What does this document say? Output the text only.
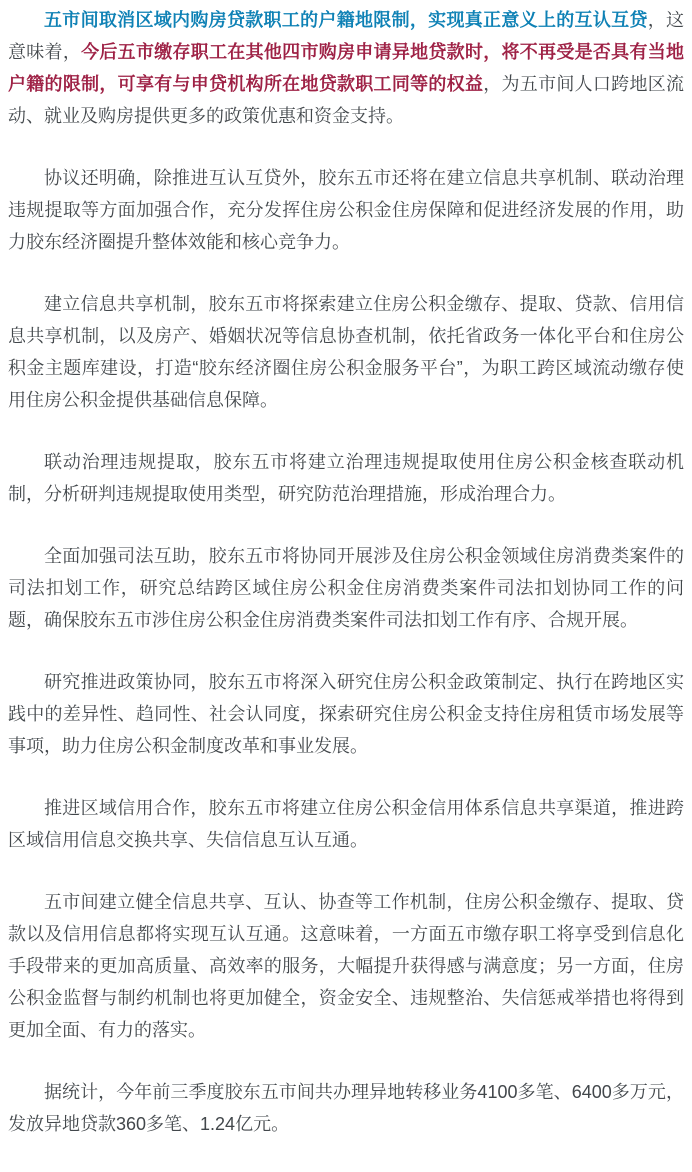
五市间取消区域内购房贷款职工的户籍地限制，实现真正意义上的互认互贷，这意味着，今后五市缴存职工在其他四市购房申请异地贷款时，将不再受是否具有当地户籍的限制，可享有与申贷机构所在地贷款职工同等的权益，为五市间人口跨地区流动、就业及购房提供更多的政策优惠和资金支持。

协议还明确，除推进互认互贷外，胶东五市还将在建立信息共享机制、联动治理违规提取等方面加强合作，充分发挥住房公积金住房保障和促进经济发展的作用，助力胶东经济圈提升整体效能和核心竞争力。

建立信息共享机制，胶东五市将探索建立住房公积金缴存、提取、贷款、信用信息共享机制，以及房产、婚姻状况等信息协查机制，依托省政务一体化平台和住房公积金主题库建设，打造“胶东经济圈住房公积金服务平台”，为职工跨区域流动缴存使用住房公积金提供基础信息保障。

联动治理违规提取，胶东五市将建立治理违规提取使用住房公积金核查联动机制，分析研判违规提取使用类型，研究防范治理措施，形成治理合力。

全面加强司法互助，胶东五市将协同开展涉及住房公积金领域住房消费类案件的司法扣划工作，研究总结跨区域住房公积金住房消费类案件司法扣划协同工作的问题，确保胶东五市涉住房公积金住房消费类案件司法扣划工作有序、合规开展。

研究推进政策协同，胶东五市将深入研究住房公积金政策制定、执行在跨地区实践中的差异性、趋同性、社会认同度，探索研究住房公积金支持住房租赁市场发展等事项，助力住房公积金制度改革和事业发展。

推进区域信用合作，胶东五市将建立住房公积金信用体系信息共享渠道，推进跨区域信用信息交换共享、失信信息互认互通。

五市间建立健全信息共享、互认、协查等工作机制，住房公积金缴存、提取、贷款以及信用信息都将实现互认互通。这意味着，一方面五市缴存职工将享受到信息化手段带来的更加高质量、高效率的服务，大幅提升获得感与满意度；另一方面，住房公积金监督与制约机制也将更加健全，资金安全、违规整治、失信惩戒举措也将得到更加全面、有力的落实。

据统计，今年前三季度胶东五市间共办理异地转移业务4100多笔、6400多万元，发放异地贷款360多笔、1.24亿元。
